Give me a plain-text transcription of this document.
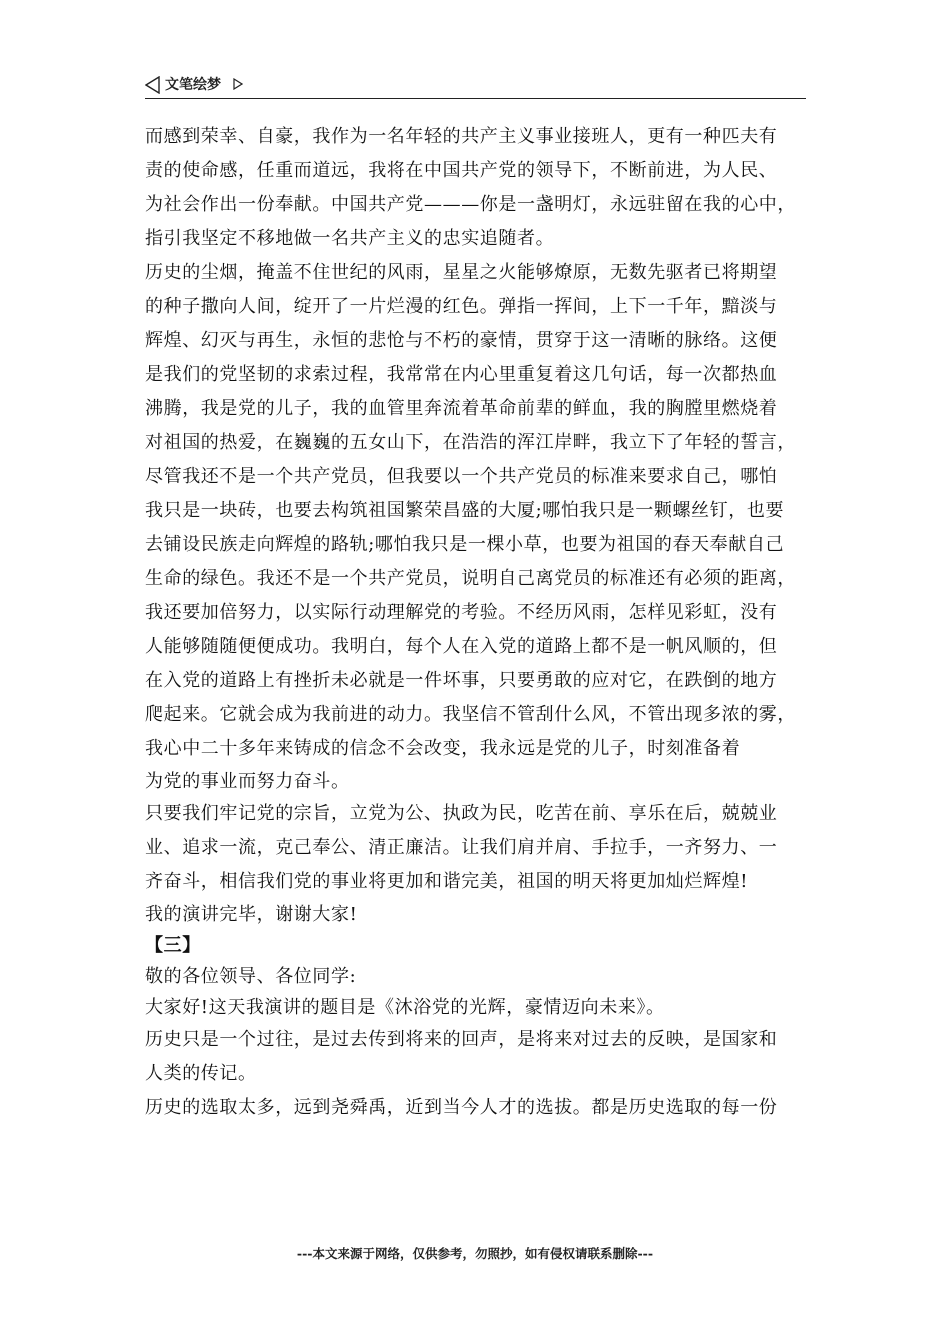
文笔绘梦
而感到荣幸、自豪，我作为一名年轻的共产主义事业接班人，更有一种匹夫有
责的使命感，任重而道远，我将在中国共产党的领导下，不断前进，为人民、
为社会作出一份奉献。中国共产党———你是一盏明灯，永远驻留在我的心中，
指引我坚定不移地做一名共产主义的忠实追随者。
历史的尘烟，掩盖不住世纪的风雨，星星之火能够燎原，无数先驱者已将期望
的种子撒向人间，绽开了一片烂漫的红色。弹指一挥间，上下一千年，黯淡与
辉煌、幻灭与再生，永恒的悲怆与不朽的豪情，贯穿于这一清晰的脉络。这便
是我们的党坚韧的求索过程，我常常在内心里重复着这几句话，每一次都热血
沸腾，我是党的儿子，我的血管里奔流着革命前辈的鲜血，我的胸膛里燃烧着
对祖国的热爱，在巍巍的五女山下，在浩浩的浑江岸畔，我立下了年轻的誓言，
尽管我还不是一个共产党员，但我要以一个共产党员的标准来要求自己，哪怕
我只是一块砖，也要去构筑祖国繁荣昌盛的大厦;哪怕我只是一颗螺丝钉，也要
去铺设民族走向辉煌的路轨;哪怕我只是一棵小草，也要为祖国的春天奉献自己
生命的绿色。我还不是一个共产党员，说明自己离党员的标准还有必须的距离，
我还要加倍努力，以实际行动理解党的考验。不经历风雨，怎样见彩虹，没有
人能够随随便便成功。我明白，每个人在入党的道路上都不是一帆风顺的，但
在入党的道路上有挫折未必就是一件坏事，只要勇敢的应对它，在跌倒的地方
爬起来。它就会成为我前进的动力。我坚信不管刮什么风，不管出现多浓的雾，
我心中二十多年来铸成的信念不会改变，我永远是党的儿子，时刻准备着
为党的事业而努力奋斗。
只要我们牢记党的宗旨，立党为公、执政为民，吃苦在前、享乐在后，兢兢业
业、追求一流，克己奉公、清正廉洁。让我们肩并肩、手拉手，一齐努力、一
齐奋斗，相信我们党的事业将更加和谐完美，祖国的明天将更加灿烂辉煌!
我的演讲完毕，谢谢大家!
【三】
敬的各位领导、各位同学:
大家好!这天我演讲的题目是《沐浴党的光辉，豪情迈向未来》。
历史只是一个过往，是过去传到将来的回声，是将来对过去的反映，是国家和
人类的传记。
历史的选取太多，远到尧舜禹，近到当今人才的选拔。都是历史选取的每一份
---本文来源于网络，仅供参考，勿照抄，如有侵权请联系删除---
